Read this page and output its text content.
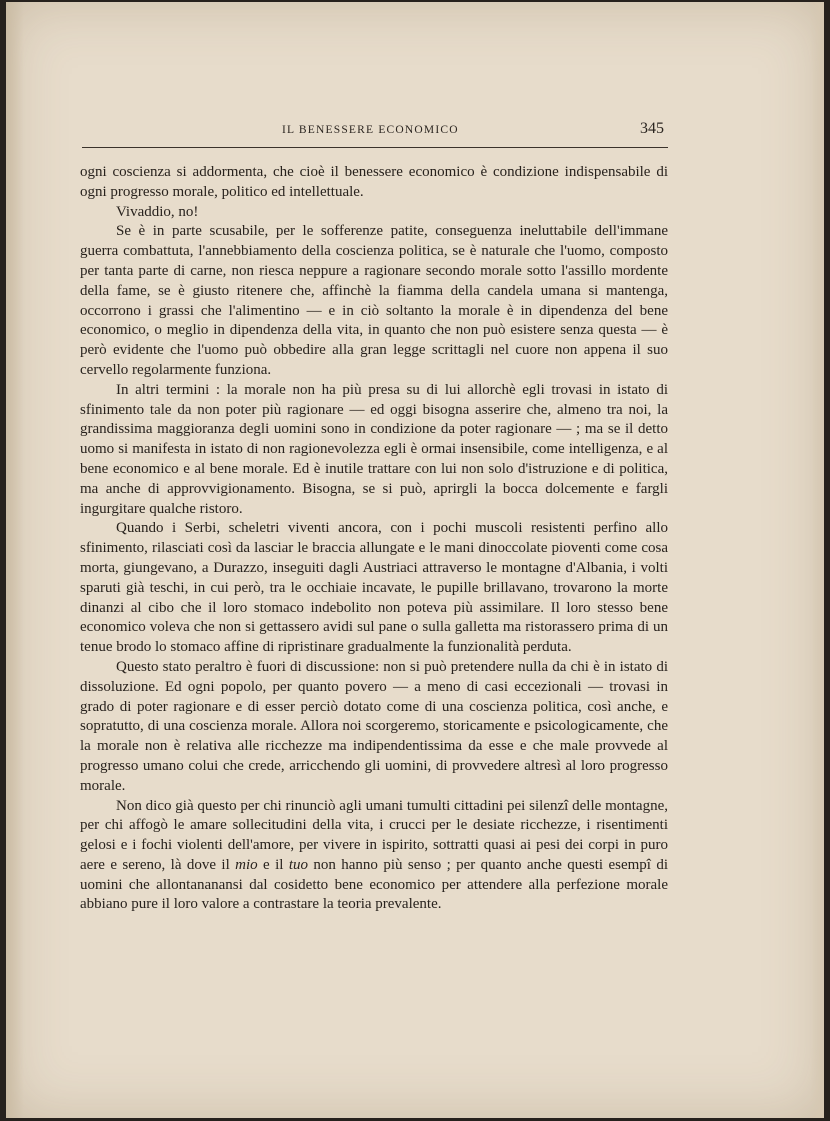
IL BENESSERE ECONOMICO	345

ogni coscienza si addormenta, che cioè il benessere economico è condizione indispensabile di ogni progresso morale, politico ed intellettuale.

Vivaddio, no!

Se è in parte scusabile, per le sofferenze patite, conseguenza ineluttabile dell'immane guerra combattuta, l'annebbiamento della coscienza politica, se è naturale che l'uomo, composto per tanta parte di carne, non riesca neppure a ragionare secondo morale sotto l'assillo mordente della fame, se è giusto ritenere che, affinchè la fiamma della candela umana si mantenga, occorrono i grassi che l'alimentino — e in ciò soltanto la morale è in dipendenza del bene economico, o meglio in dipendenza della vita, in quanto che non può esistere senza questa — è però evidente che l'uomo può obbedire alla gran legge scrittagli nel cuore non appena il suo cervello regolarmente funziona.

In altri termini : la morale non ha più presa su di lui allorchè egli trovasi in istato di sfinimento tale da non poter più ragionare — ed oggi bisogna asserire che, almeno tra noi, la grandissima maggioranza degli uomini sono in condizione da poter ragionare — ; ma se il detto uomo si manifesta in istato di non ragionevolezza egli è ormai insensibile, come intelligenza, e al bene economico e al bene morale. Ed è inutile trattare con lui non solo d'istruzione e di politica, ma anche di approvvigionamento. Bisogna, se si può, aprirgli la bocca dolcemente e fargli ingurgitare qualche ristoro.

Quando i Serbi, scheletri viventi ancora, con i pochi muscoli resistenti perfino allo sfinimento, rilasciati così da lasciar le braccia allungate e le mani dinoccolate pioventi come cosa morta, giungevano, a Durazzo, inseguiti dagli Austriaci attraverso le montagne d'Albania, i volti sparuti già teschi, in cui però, tra le occhiaie incavate, le pupille brillavano, trovarono la morte dinanzi al cibo che il loro stomaco indebolito non poteva più assimilare. Il loro stesso bene economico voleva che non si gettassero avidi sul pane o sulla galletta ma ristorassero prima di un tenue brodo lo stomaco affine di ripristinare gradualmente la funzionalità perduta.

Questo stato peraltro è fuori di discussione: non si può pretendere nulla da chi è in istato di dissoluzione. Ed ogni popolo, per quanto povero — a meno di casi eccezionali — trovasi in grado di poter ragionare e di esser perciò dotato come di una coscienza politica, così anche, e sopratutto, di una coscienza morale. Allora noi scorgeremo, storicamente e psicologicamente, che la morale non è relativa alle ricchezze ma indipendentissima da esse e che male provvede al progresso umano colui che crede, arricchendo gli uomini, di provvedere altresì al loro progresso morale.

Non dico già questo per chi rinunciò agli umani tumulti cittadini pei silenzî delle montagne, per chi affogò le amare sollecitudini della vita, i crucci per le desiate ricchezze, i risentimenti gelosi e i fochi violenti dell'amore, per vivere in ispirito, sottratti quasi ai pesi dei corpi in puro aere e sereno, là dove il mio e il tuo non hanno più senso ; per quanto anche questi esempî di uomini che allontananansi dal cosidetto bene economico per attendere alla perfezione morale abbiano pure il loro valore a contrastare la teoria prevalente.
